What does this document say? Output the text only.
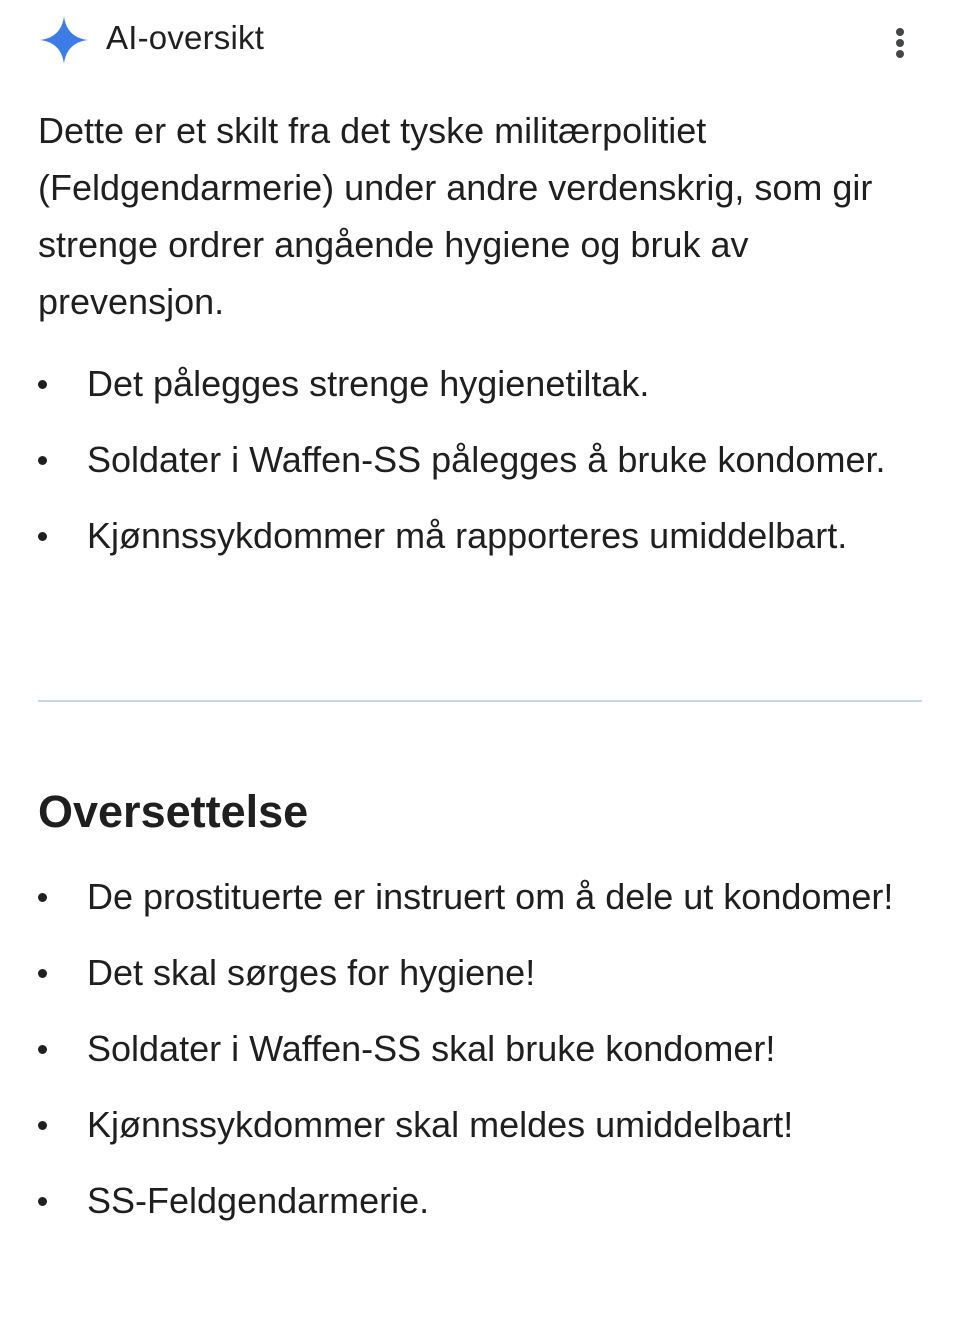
AI-oversikt

Dette er et skilt fra det tyske militærpolitiet (Feldgendarmerie) under andre verdenskrig, som gir strenge ordrer angående hygiene og bruk av prevensjon.

Det pålegges strenge hygienetiltak.
Soldater i Waffen-SS pålegges å bruke kondomer.
Kjønnssykdommer må rapporteres umiddelbart.
Oversettelse
De prostituerte er instruert om å dele ut kondomer!
Det skal sørges for hygiene!
Soldater i Waffen-SS skal bruke kondomer!
Kjønnssykdommer skal meldes umiddelbart!
SS-Feldgendarmerie.
